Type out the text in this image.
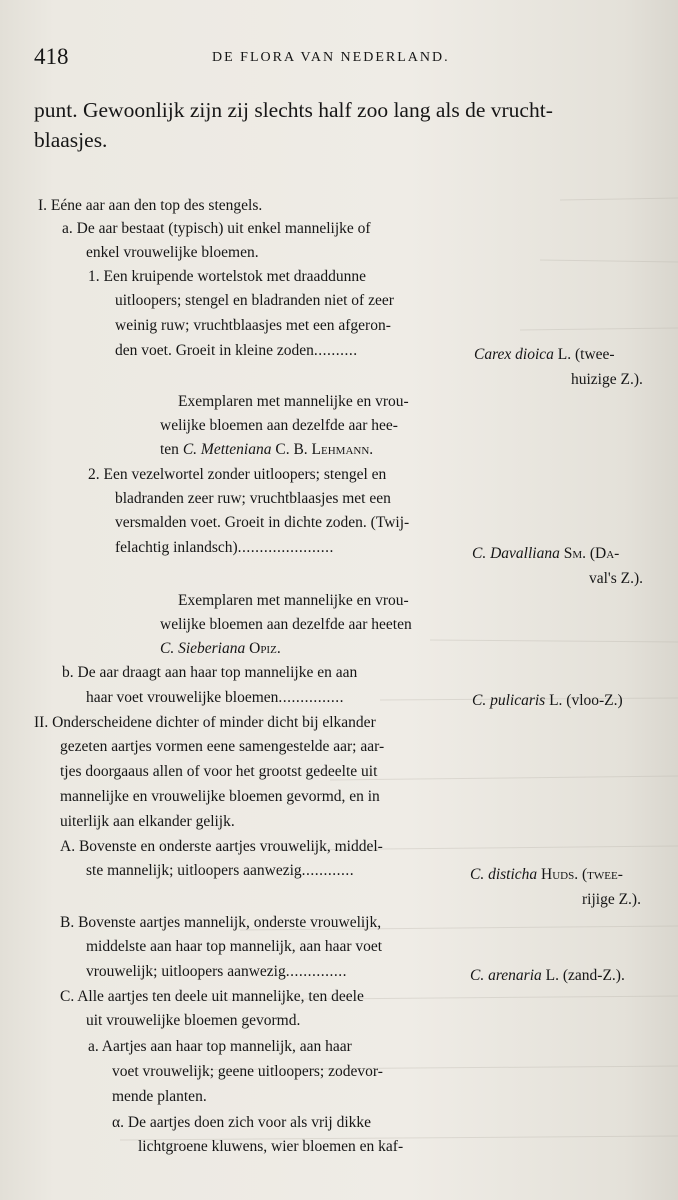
418	DE FLORA VAN NEDERLAND.
punt. Gewoonlijk zijn zij slechts half zoo lang als de vrucht-
blaasjes.
I. Eéne aar aan den top des stengels.
a. De aar bestaat (typisch) uit enkel mannelijke of
enkel vrouwelijke bloemen.
1. Een kruipende wortelstok met draaddunne
uitloopers; stengel en bladranden niet of zeer
weinig ruw; vruchtblaasjes met een afgeron-
den voet. Groeit in kleine zoden..........	Carex dioica L. (twee-
huizige Z.).
Exemplaren met mannelijke en vrou-
welijke bloemen aan dezelfde aar hee-
ten C. Metteniana C. B. Lehmann.
2. Een vezelwortel zonder uitloopers; stengel en
bladranden zeer ruw; vruchtblaasjes met een
versmalden voet. Groeit in dichte zoden. (Twij-
felachtig inlandsch)......................	C. Davalliana Sm. (Da-
val's Z.).
Exemplaren met mannelijke en vrou-
welijke bloemen aan dezelfde aar heeten
C. Sieberiana Opiz.
b. De aar draagt aan haar top mannelijke en aan
haar voet vrouwelijke bloemen...............	C. pulicaris L. (vloo-Z.)
II. Onderscheidene dichter of minder dicht bij elkander
gezeten aartjes vormen eene samengestelde aar; aar-
tjes doorgaaus allen of voor het grootst gedeelte uit
mannelijke en vrouwelijke bloemen gevormd, en in
uiterlijk aan elkander gelijk.
A. Bovenste en onderste aartjes vrouwelijk, middel-
ste mannelijk; uitloopers aanwezig............	C. disticha Huds. (twee-
rijige Z.).
B. Bovenste aartjes mannelijk, onderste vrouwelijk,
middelste aan haar top mannelijk, aan haar voet
vrouwelijk; uitloopers aanwezig..............	C. arenaria L. (zand-Z.).
C. Alle aartjes ten deele uit mannelijke, ten deele
uit vrouwelijke bloemen gevormd.
a. Aartjes aan haar top mannelijk, aan haar
voet vrouwelijk; geene uitloopers; zodevor-
mende planten.
α. De aartjes doen zich voor als vrij dikke
lichtgroene kluwens, wier bloemen en kaf-
